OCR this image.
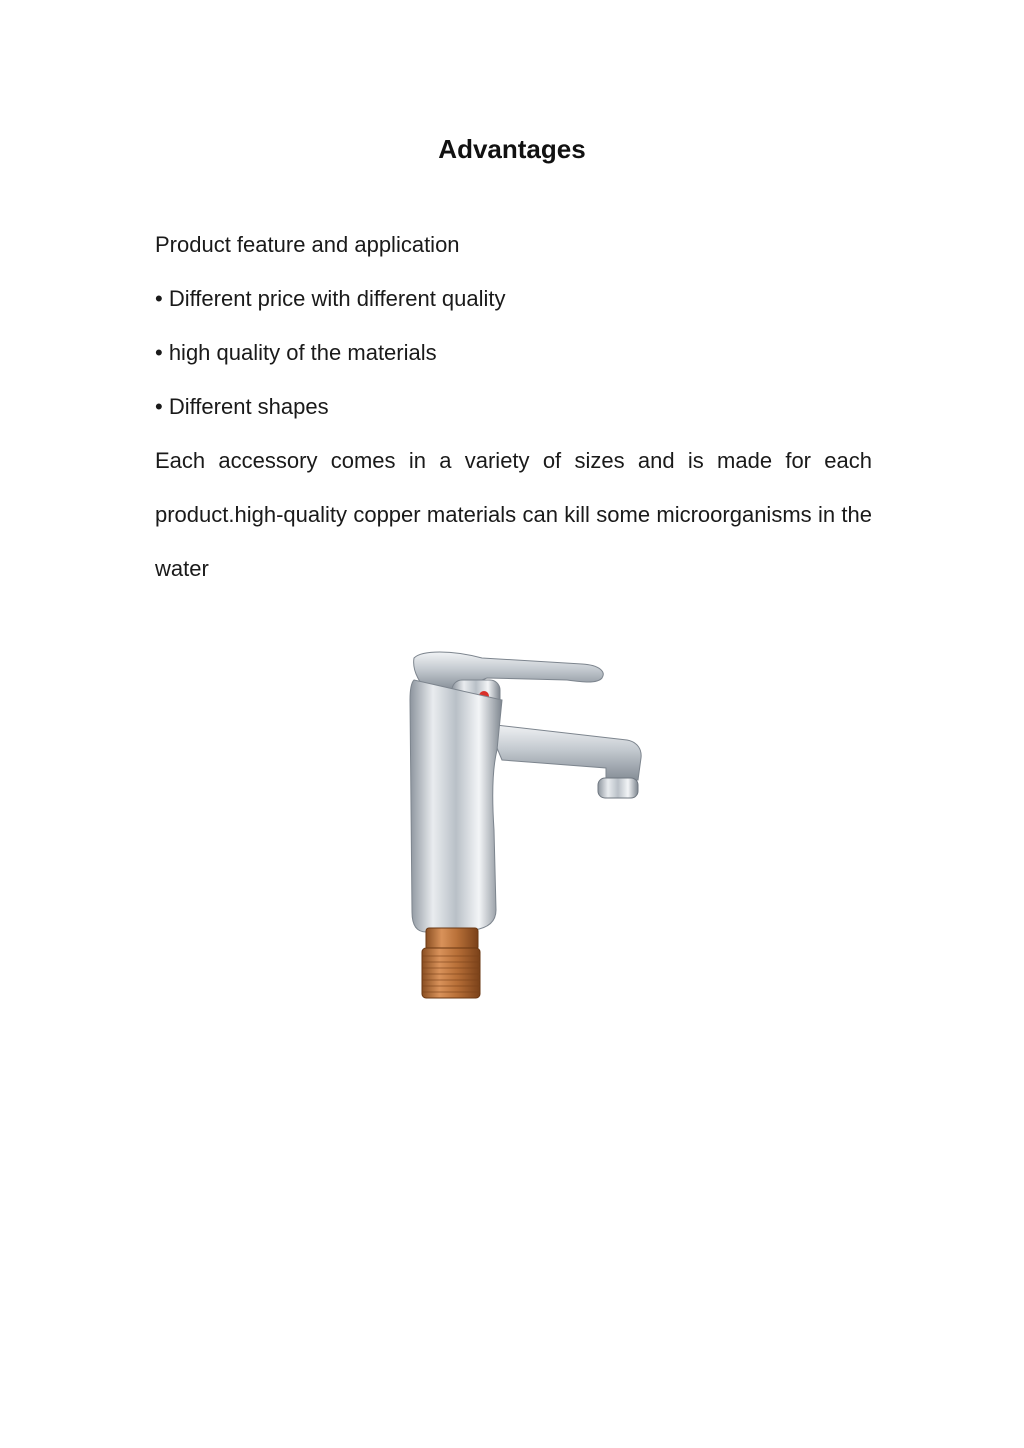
Advantages

Product feature and application

• Different price with different quality

• high quality of the materials

• Different shapes

Each accessory comes in a variety of sizes and is made for each product.high-quality copper materials can kill some microorganisms in the water
